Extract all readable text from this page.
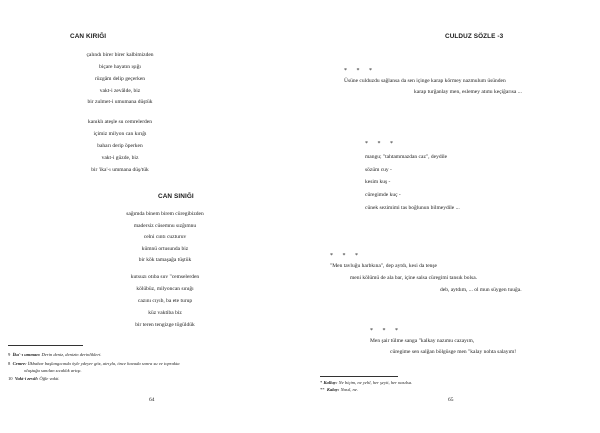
CAN KIRIĞI
çalındı birer birer kalbimizden
biçare hayatın ışığı
rüzgâm delip geçerken
vakt-i zevâlde, biz
bir zulmet-i umumana düştük
kanıklı ateşle su cemrelerden
içimiz milyon can kırığı
baharı derip öperken
vakt-i güzde, biz
bir 'ika'-ı ummana düş/tük
CAN SINIĞI
sağımda binem birem cüregibizden
madersiz cüsemnu sızğımnu
celni cıntı cuzturuv
kümnü ortusunda biz
bir kök tamaşağa tüştük
kutsuzı otıba suv "cemselerden
kölübüz, milyoncan sınığı
cazını cıyıb, ba ete turup
küz vaktiba biz
bir teren tengizge tögüldük
9 İka'-ı umman: Derin deniz, denizin derinlikleri.
8 Cemre: İlkbahar başlangıcında öyle ydeyer göz, atrıyla, önce havada sonra su ve toprakta
oluştuğu sanılan sıcaklık artışı.
10 Vakt-i zevâl: Öğle vakti.
64
CULDUZ SÖZLE -3
* * *
Üsüne culduzdu sağlansa da sen içinge karap körmey nazmulum üsünden
karap turğanlay men, eslemey atımı keçiğarısa ...
* * *
mangu; "tahtammazdan caz", deydile
sözüm cuy -
kesim kuş -
cüregimde kuç -
cünek sezimimi tas boğlunun bilmeydile ...
* * *
"Men tavluğu harbkına", dep aytdı, kesi da tenşe
meni kölümü de ala bar, içine salsa cüregimi tansık bolsa.
deb, aytdım, ... ol mun süygen tuuğa.
* * *
Men şair tülme sanga "kalkay nazımu cazayım,
cüregime sen salğan bölgüsge men "kalay nohta salayım!
* Kalluy: Ne biçim, ne yehl, her şeyit, her nasılsa.
** Kalay: Nasıl, ne.
65
